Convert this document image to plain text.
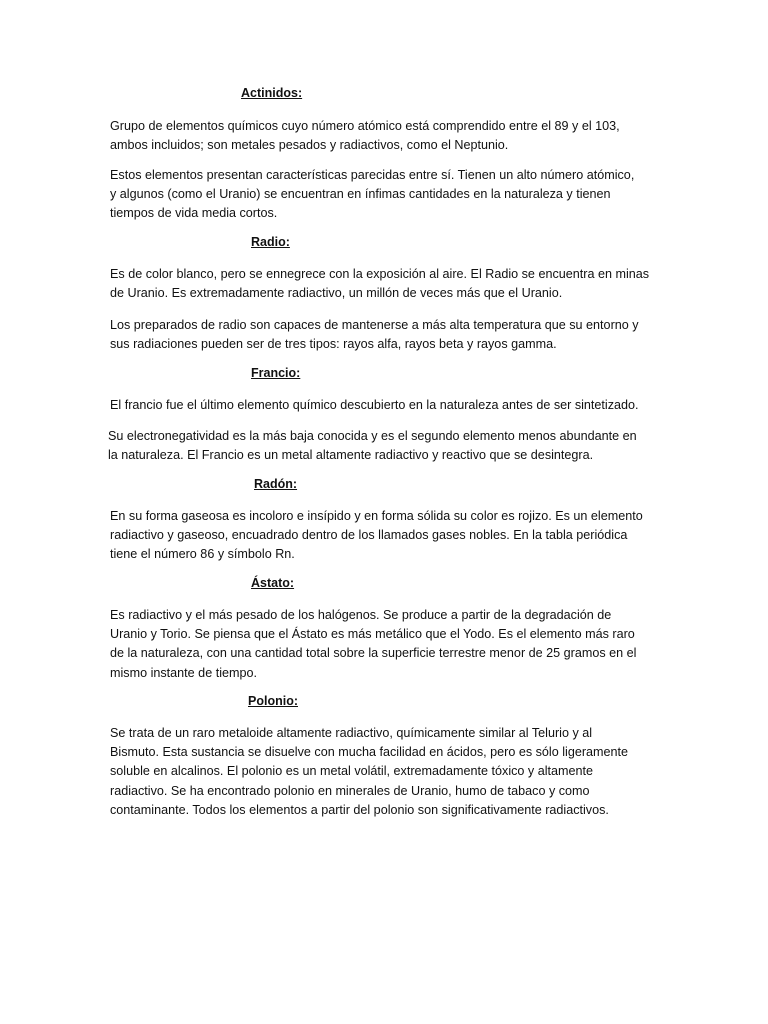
Actinidos:

Grupo de elementos químicos cuyo número atómico está comprendido entre el 89 y el 103,
ambos incluidos; son metales pesados y radiactivos, como el Neptunio.

Estos elementos presentan características parecidas entre sí. Tienen un alto número atómico,
y algunos (como el Uranio) se encuentran en ínfimas cantidades en la naturaleza y tienen
tiempos de vida media cortos.

Radio:

Es de color blanco, pero se ennegrece con la exposición al aire. El Radio se encuentra en minas
de Uranio. Es extremadamente radiactivo, un millón de veces más que el Uranio.

Los preparados de radio son capaces de mantenerse a más alta temperatura que su entorno y
sus radiaciones pueden ser de tres tipos: rayos alfa, rayos beta y rayos gamma.

Francio:

El francio fue el último elemento químico descubierto en la naturaleza antes de ser sintetizado.

Su electronegatividad es la más baja conocida y es el segundo elemento menos abundante en
la naturaleza. El Francio es un metal altamente radiactivo y reactivo que se desintegra.

Radón:

En su forma gaseosa es incoloro e insípido y en forma sólida su color es rojizo. Es un elemento
radiactivo y gaseoso, encuadrado dentro de los llamados gases nobles. En la tabla periódica
tiene el número 86 y símbolo Rn.

Ástato:

Es radiactivo y el más pesado de los halógenos. Se produce a partir de la degradación de
Uranio y Torio. Se piensa que el Ástato es más metálico que el Yodo. Es el elemento más raro
de la naturaleza, con una cantidad total sobre la superficie terrestre menor de 25 gramos en el
mismo instante de tiempo.

Polonio:

Se trata de un raro metaloide altamente radiactivo, químicamente similar al Telurio y al
Bismuto. Esta sustancia se disuelve con mucha facilidad en ácidos, pero es sólo ligeramente
soluble en alcalinos. El polonio es un metal volátil, extremadamente tóxico y altamente
radiactivo. Se ha encontrado polonio en minerales de Uranio, humo de tabaco y como
contaminante. Todos los elementos a partir del polonio son significativamente radiactivos.
